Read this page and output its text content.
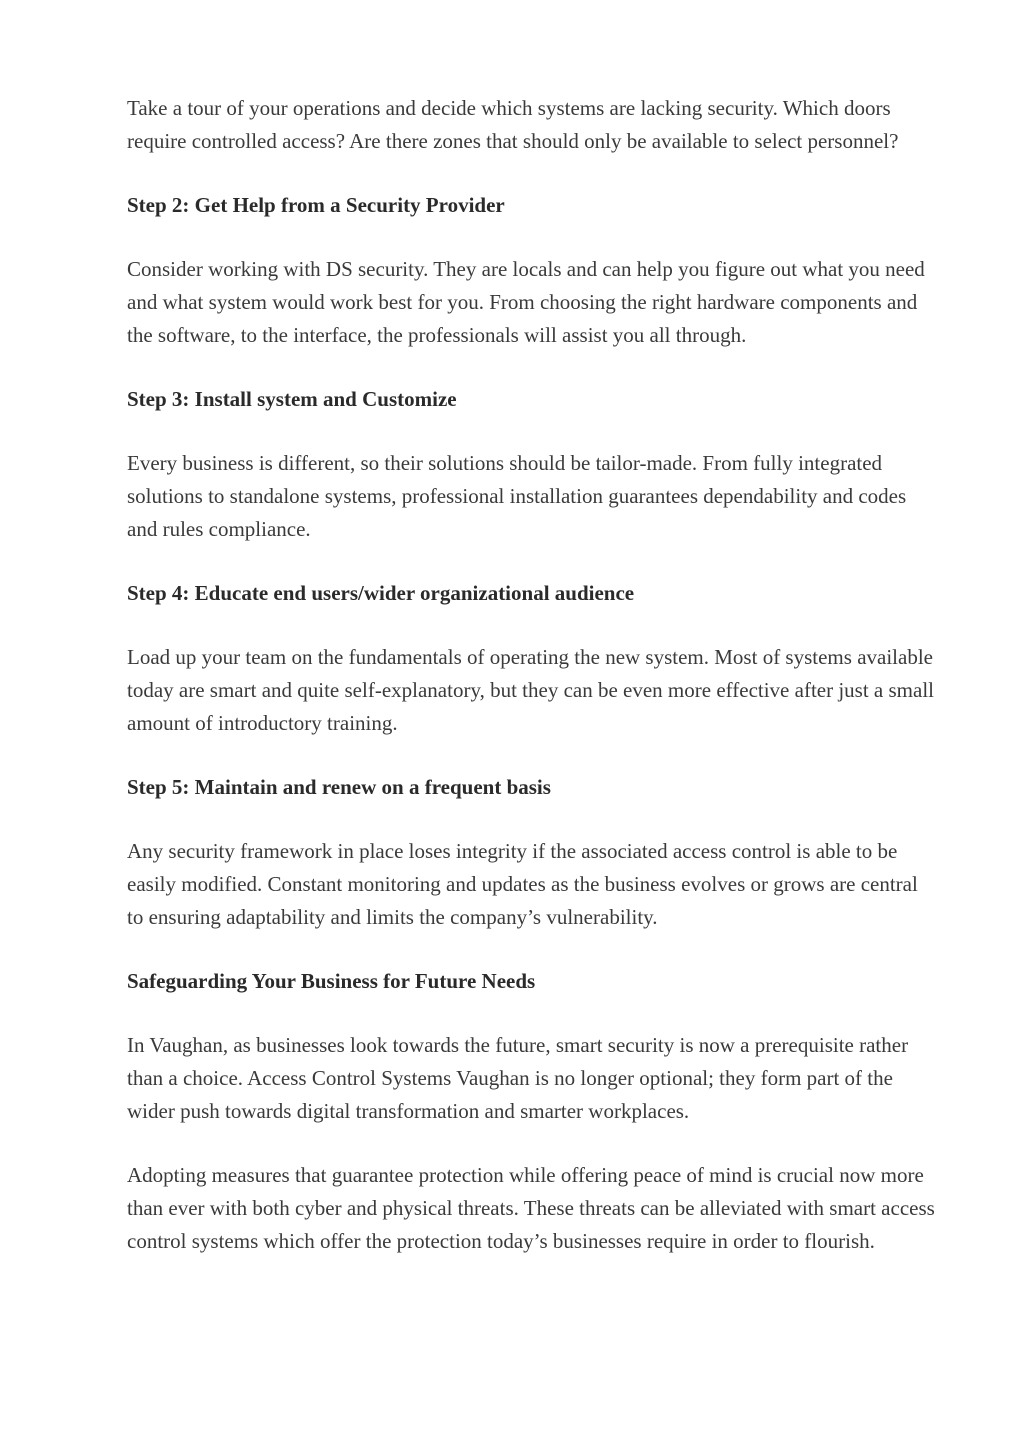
Take a tour of your operations and decide which systems are lacking security. Which doors require controlled access? Are there zones that should only be available to select personnel?

Step 2: Get Help from a Security Provider

Consider working with DS security. They are locals and can help you figure out what you need and what system would work best for you. From choosing the right hardware components and the software, to the interface, the professionals will assist you all through.

Step 3: Install system and Customize

Every business is different, so their solutions should be tailor-made. From fully integrated solutions to standalone systems, professional installation guarantees dependability and codes and rules compliance.

Step 4: Educate end users/wider organizational audience

Load up your team on the fundamentals of operating the new system. Most of systems available today are smart and quite self-explanatory, but they can be even more effective after just a small amount of introductory training.

Step 5: Maintain and renew on a frequent basis

Any security framework in place loses integrity if the associated access control is able to be easily modified. Constant monitoring and updates as the business evolves or grows are central to ensuring adaptability and limits the company’s vulnerability.

Safeguarding Your Business for Future Needs

In Vaughan, as businesses look towards the future, smart security is now a prerequisite rather than a choice. Access Control Systems Vaughan is no longer optional; they form part of the wider push towards digital transformation and smarter workplaces.

Adopting measures that guarantee protection while offering peace of mind is crucial now more than ever with both cyber and physical threats. These threats can be alleviated with smart access control systems which offer the protection today’s businesses require in order to flourish.
